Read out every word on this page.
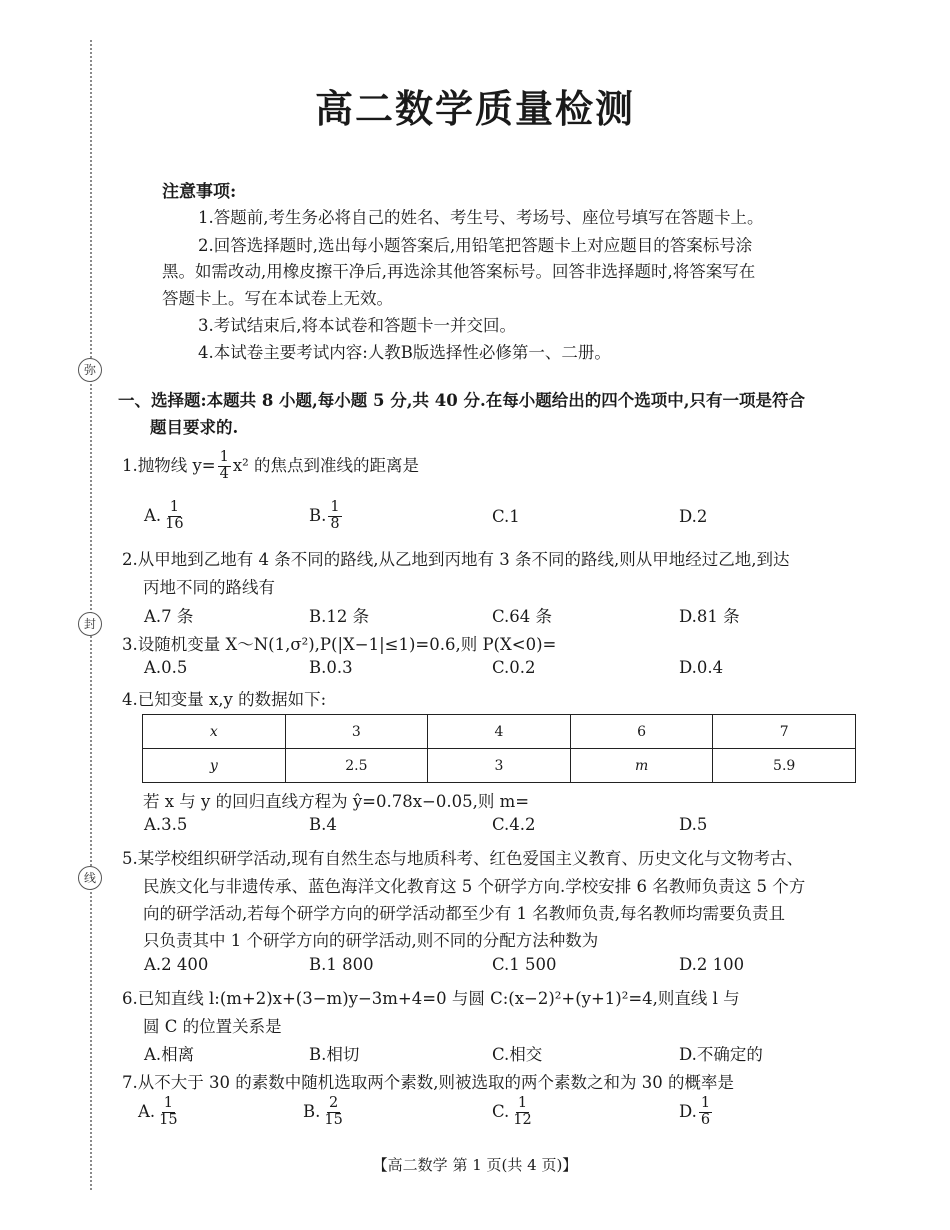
弥
封
线
高二数学质量检测
注意事项:
1.答题前,考生务必将自己的姓名、考生号、考场号、座位号填写在答题卡上。
2.回答选择题时,选出每小题答案后,用铅笔把答题卡上对应题目的答案标号涂
黑。如需改动,用橡皮擦干净后,再选涂其他答案标号。回答非选择题时,将答案写在
答题卡上。写在本试卷上无效。
3.考试结束后,将本试卷和答题卡一并交回。
4.本试卷主要考试内容:人教B版选择性必修第一、二册。
一、选择题:本题共 8 小题,每小题 5 分,共 40 分.在每小题给出的四个选项中,只有一项是符合
题目要求的.
1.抛物线 $y= \frac{1}{4} x^2$ 的焦点到准线的距离是
A. $\frac{1}{16}$	B. $\frac{1}{8}$	C.1	D.2
2.从甲地到乙地有 4 条不同的路线,从乙地到丙地有 3 条不同的路线,则从甲地经过乙地,到达
丙地不同的路线有
A.7 条	B.12 条	C.64 条	D.81 条
3.设随机变量 X～N(1,σ²),P(|X−1|≤1)=0.6,则 P(X<0)=
A.0.5	B.0.3	C.0.2	D.0.4
4.已知变量 x,y 的数据如下:
x	3	4	6	7
y	2.5	3	m	5.9
若 x 与 y 的回归直线方程为 ŷ=0.78x−0.05,则 m=
A.3.5	B.4	C.4.2	D.5
5.某学校组织研学活动,现有自然生态与地质科考、红色爱国主义教育、历史文化与文物考古、
民族文化与非遗传承、蓝色海洋文化教育这 5 个研学方向.学校安排 6 名教师负责这 5 个方
向的研学活动,若每个研学方向的研学活动都至少有 1 名教师负责,每名教师均需要负责且
只负责其中 1 个研学方向的研学活动,则不同的分配方法种数为
A.2 400	B.1 800	C.1 500	D.2 100
6.已知直线 l:(m+2)x+(3−m)y−3m+4=0 与圆 C:(x−2)²+(y+1)²=4,则直线 l 与
圆 C 的位置关系是
A.相离	B.相切	C.相交	D.不确定的
7.从不大于 30 的素数中随机选取两个素数,则被选取的两个素数之和为 30 的概率是
A. $\frac{1}{15}$	B. $\frac{2}{15}$	C. $\frac{1}{12}$	D. $\frac{1}{6}$
【高二数学 第 1 页(共 4 页)】
